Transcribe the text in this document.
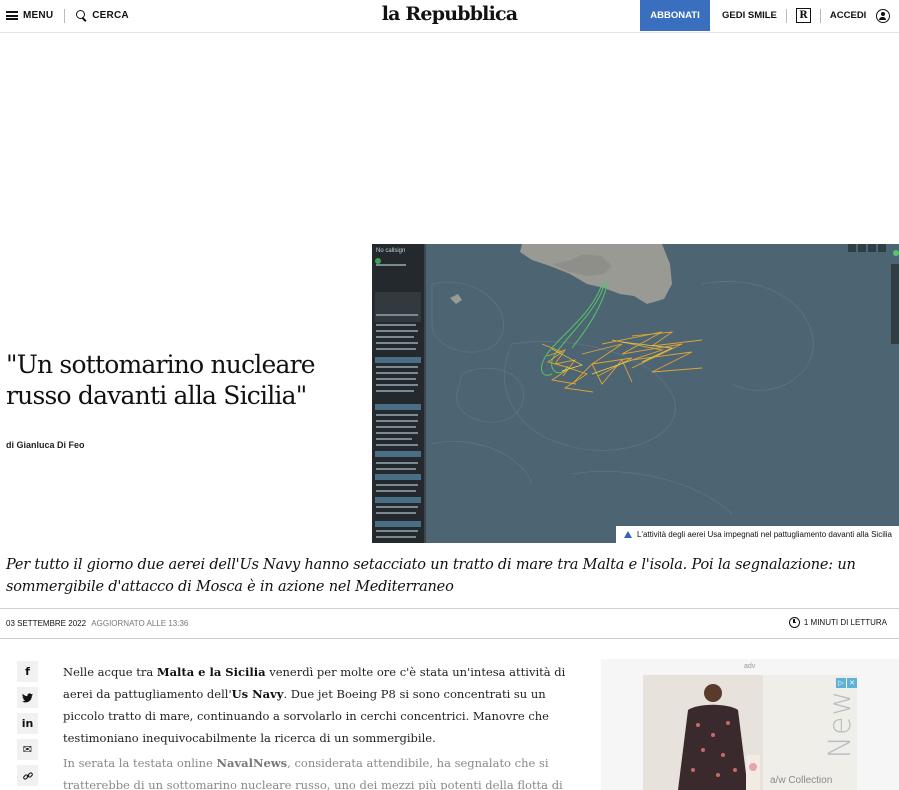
MENU	CERCA	la Repubblica	ABBONATI	GEDI SMILE	R	ACCEDI
"Un sottomarino nucleare russo davanti alla Sicilia"
di Gianluca Di Feo
No callsign
L'attività degli aerei Usa impegnati nel pattugliamento davanti alla Sicilia

Per tutto il giorno due aerei dell'Us Navy hanno setacciato un tratto di mare tra Malta e l'isola. Poi la segnalazione: un sommergibile d'attacco di Mosca è in azione nel Mediterraneo

03 SETTEMBRE 2022 AGGIORNATO ALLE 13:36	1 MINUTI DI LETTURA
f
in
✉

Nelle acque tra Malta e la Sicilia venerdì per molte ore c'è stata un'intesa attività di aerei da pattugliamento dell'Us Navy. Due jet Boeing P8 si sono concentrati su un piccolo tratto di mare, continuando a sorvolarlo in cerchi concentrici. Manovre che testimoniano inequivocabilmente la ricerca di un sommergibile.

In serata la testata online NavalNews, considerata attendibile, ha segnalato che si tratterebbe di un sottomarino nucleare russo, uno dei mezzi più potenti della flotta di

adv
New
a/w Collection
▷ ✕
